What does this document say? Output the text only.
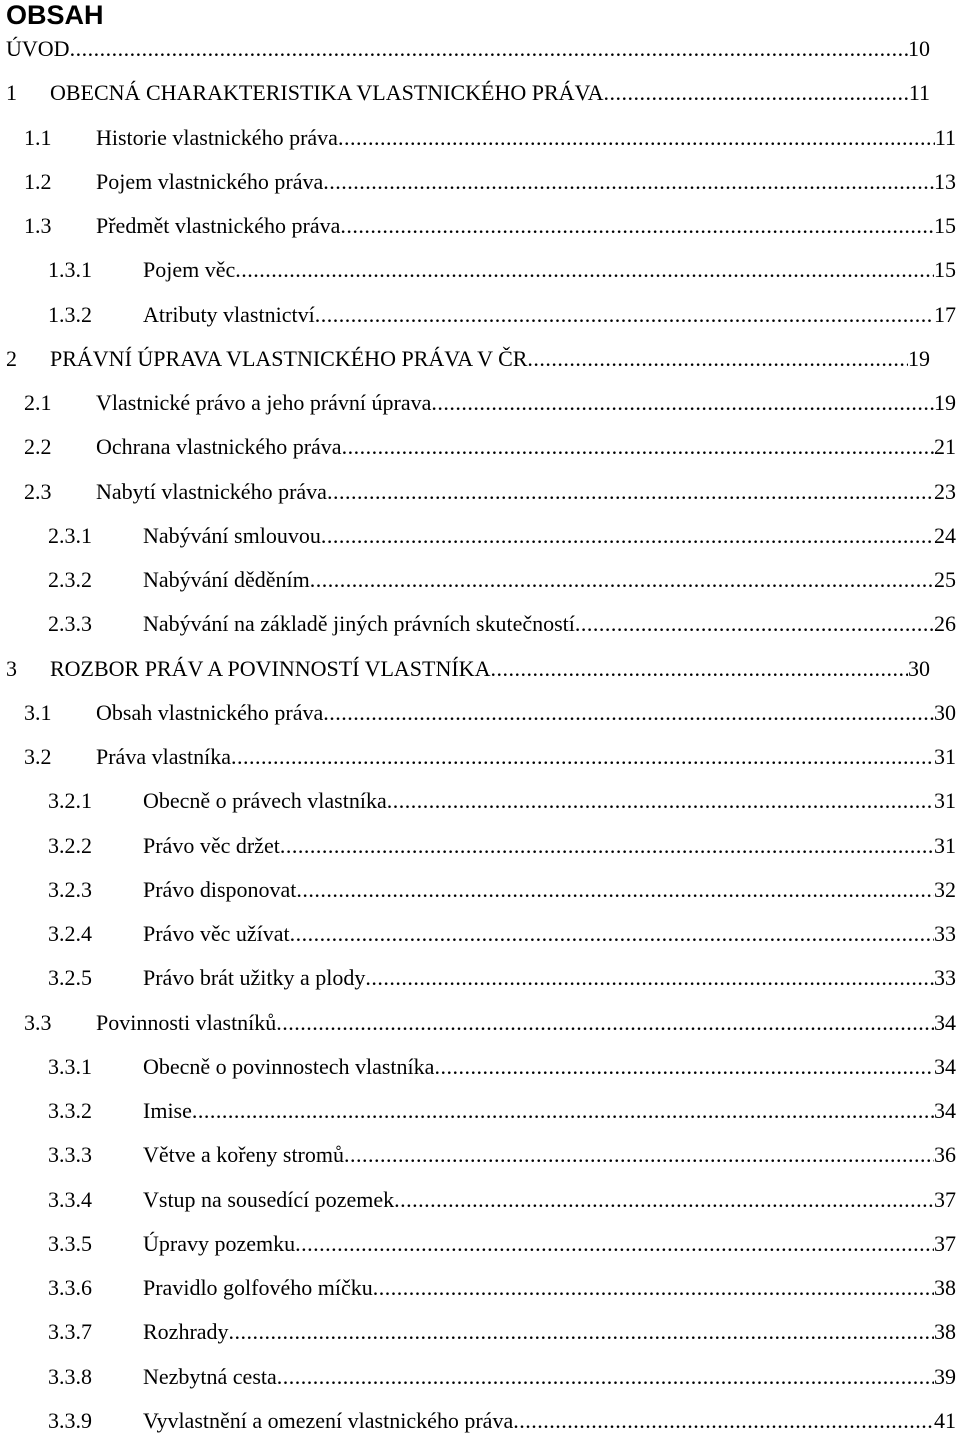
OBSAH
ÚVOD .....	10
1 OBECNÁ CHARAKTERISTIKA VLASTNICKÉHO PRÁVA .....	11
1.1 Historie vlastnického práva .....	11
1.2 Pojem vlastnického práva .....	13
1.3 Předmět vlastnického práva .....	15
1.3.1 Pojem věc .....	15
1.3.2 Atributy vlastnictví .....	17
2 PRÁVNÍ ÚPRAVA VLASTNICKÉHO PRÁVA V ČR .....	19
2.1 Vlastnické právo a jeho právní úprava .....	19
2.2 Ochrana vlastnického práva .....	21
2.3 Nabytí vlastnického práva .....	23
2.3.1 Nabývání smlouvou .....	24
2.3.2 Nabývání děděním .....	25
2.3.3 Nabývání na základě jiných právních skutečností .....	26
3 ROZBOR PRÁV A POVINNOSTÍ VLASTNÍKA .....	30
3.1 Obsah vlastnického práva .....	30
3.2 Práva vlastníka .....	31
3.2.1 Obecně o právech vlastníka .....	31
3.2.2 Právo věc držet .....	31
3.2.3 Právo disponovat .....	32
3.2.4 Právo věc užívat .....	33
3.2.5 Právo brát užitky a plody .....	33
3.3 Povinnosti vlastníků .....	34
3.3.1 Obecně o povinnostech vlastníka .....	34
3.3.2 Imise .....	34
3.3.3 Větve a kořeny stromů .....	36
3.3.4 Vstup na sousedící pozemek .....	37
3.3.5 Úpravy pozemku .....	37
3.3.6 Pravidlo golfového míčku .....	38
3.3.7 Rozhrady .....	38
3.3.8 Nezbytná cesta .....	39
3.3.9 Vyvlastnění a omezení vlastnického práva .....	41
